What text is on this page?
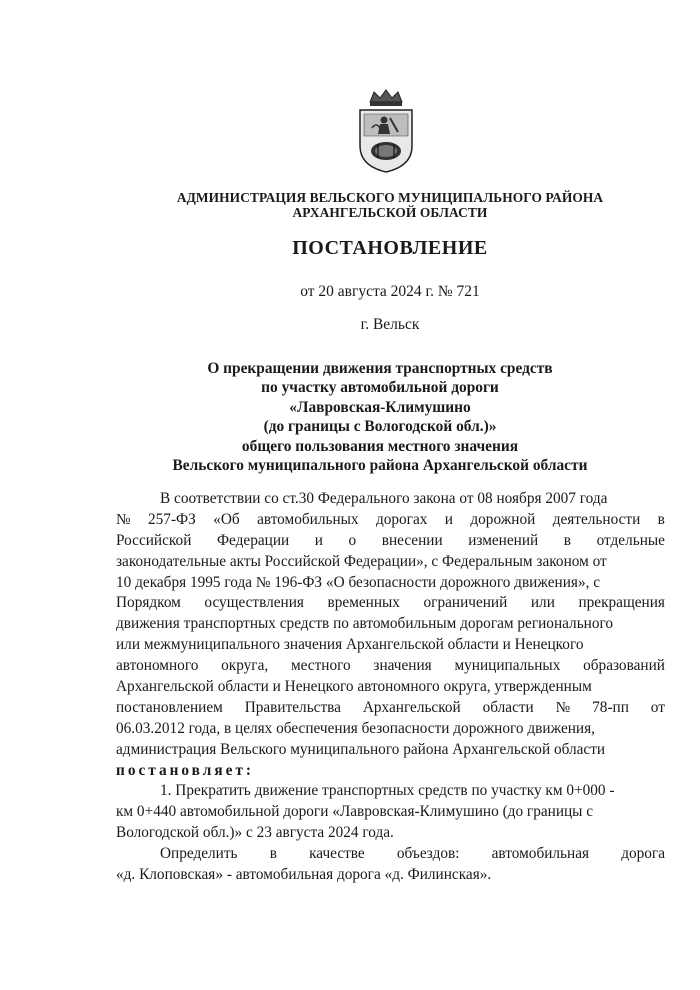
АДМИНИСТРАЦИЯ ВЕЛЬСКОГО МУНИЦИПАЛЬНОГО РАЙОНА
АРХАНГЕЛЬСКОЙ ОБЛАСТИ
ПОСТАНОВЛЕНИЕ
от 20 августа 2024 г. № 721
г. Вельск
О прекращении движения транспортных средств
по участку автомобильной дороги
«Лавровская-Климушино
(до границы с Вологодской обл.)»
общего пользования местного значения
Вельского муниципального района Архангельской области
В соответствии со ст.30 Федерального закона от 08 ноября 2007 года
№ 257-ФЗ «Об автомобильных дорогах и дорожной деятельности в
Российской Федерации и о внесении изменений в отдельные
законодательные акты Российской Федерации», с Федеральным законом от
10 декабря 1995 года № 196-ФЗ «О безопасности дорожного движения», с
Порядком осуществления временных ограничений или прекращения
движения транспортных средств по автомобильным дорогам регионального
или межмуниципального значения Архангельской области и Ненецкого
автономного округа, местного значения муниципальных образований
Архангельской области и Ненецкого автономного округа, утвержденным
постановлением Правительства Архангельской области № 78-пп от
06.03.2012 года, в целях обеспечения безопасности дорожного движения,
администрация Вельского муниципального района Архангельской области
постановляет:
1. Прекратить движение транспортных средств по участку км 0+000 -
км 0+440 автомобильной дороги «Лавровская-Климушино (до границы с
Вологодской обл.)» с 23 августа 2024 года.
Определить в качестве объездов: автомобильная дорога
«д. Клоповская» - автомобильная дорога «д. Филинская».
